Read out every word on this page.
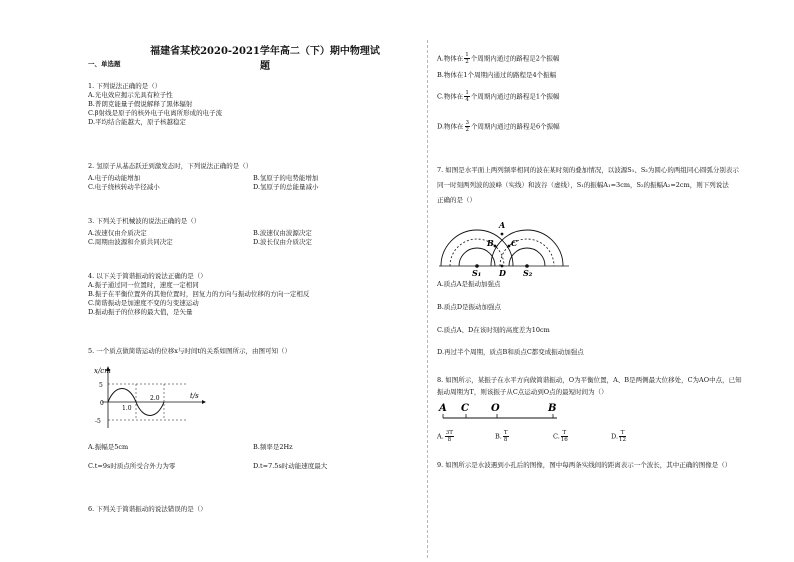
福建省某校2020-2021学年高二（下）期中物理试题
一、单选题
1. 下列说法正确的是（）
A.光电效应揭示光具有粒子性
B.普朗克能量子假说解释了黑体辐射
C.β射线是原子的核外电子电离所形成的电子流
D.平均结合能越大，原子核越稳定
2. 氢原子从基态跃迁到激发态时，下列说法正确的是（）
A.电子的动能增加	B.氢原子的电势能增加
C.电子绕核转动半径减小	D.氢原子的总能量减小
3. 下列关于机械波的说法正确的是（）
A.波速仅由介质决定	B.波速仅由波源决定
C.周期由波源和介质共同决定	D.波长仅由介质决定
4. 以下关于简谐振动的说法正确的是（）
A.振子通过同一位置时，速度一定相同
B.振子在平衡位置外的其他位置时，回复力的方向与振动位移的方向一定相反
C.简谐振动是加速度不变的匀变速运动
D.振动振子的位移的最大值，是矢量
5. 一个质点做简谐运动的位移x与时间t的关系如图所示，由图可知（）
x/cm
t/s
5
0
-5
1.0
2.0
A.振幅是5cm	B.频率是2Hz
C.t=9s时质点所受合外力为零	D.t=7.5s时动能速度最大
6. 下列关于简谐振动的说法错误的是（）
A.物体在 $\frac{1}{2}$ 个周期内通过的路程是2个振幅
B.物体在1个周期内通过的路程是4个振幅
C.物体在 $\frac{1}{4}$ 个周期内通过的路程是1个振幅
D.物体在 $\frac{3}{2}$ 个周期内通过的路程是6个振幅
7. 如图是水平面上两列频率相同的波在某时刻的叠加情况，以波源S₁、S₂为圆心的两组同心圆弧分别表示
同一时刻两列波的波峰（实线）和波谷（虚线），S₁的振幅A₁=3cm，S₂的振幅A₂=2cm，则下列说法
正确的是（）
A
B C
D
S₁	S₂
A.质点A是振动加强点
B.质点D是振动加强点
C.质点A、D在该时刻的高度差为10cm
D.再过半个周期，质点B和质点C都变成振动加强点
8. 如图所示，某振子在水平方向做简谐振动，O为平衡位置，A、B是两侧最大位移处，C为AO中点，已知
振动周期为T，则该振子从C点运动到O点的最短时间为（）
A C O	B
A. $\frac{3T}{8}$	B. $\frac{T}{8}$	C. $\frac{T}{16}$	D. $\frac{T}{12}$
9. 如图所示是水波遇到小孔后的图像，图中每两条实线间的距离表示一个波长，其中正确的图像是（）
